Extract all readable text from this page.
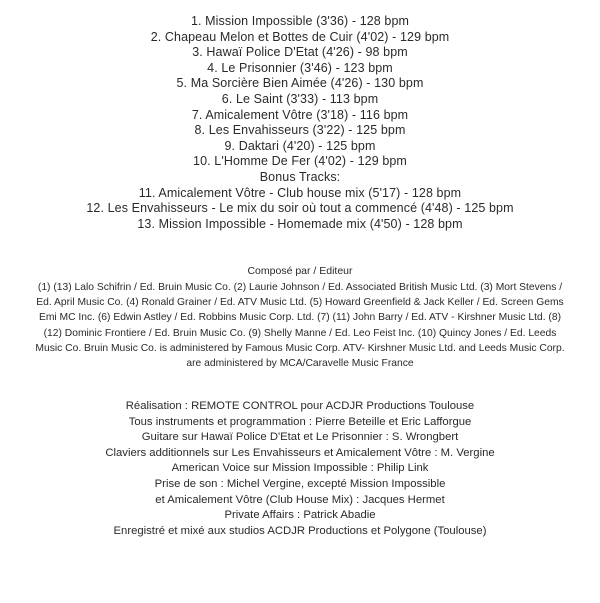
1. Mission Impossible (3'36) - 128 bpm
2. Chapeau Melon et Bottes de Cuir (4'02) - 129 bpm
3. Hawaï Police D'Etat (4'26) - 98 bpm
4. Le Prisonnier (3'46) - 123 bpm
5. Ma Sorcière Bien Aimée (4'26) - 130 bpm
6. Le Saint (3'33) - 113 bpm
7. Amicalement Vôtre (3'18) - 116 bpm
8. Les Envahisseurs (3'22) - 125 bpm
9. Daktari (4'20) - 125 bpm
10. L'Homme De Fer (4'02) - 129 bpm
Bonus Tracks:
11. Amicalement Vôtre - Club house mix (5'17) - 128 bpm
12. Les Envahisseurs - Le mix du soir où tout a commencé (4'48) - 125 bpm
13. Mission Impossible - Homemade mix (4'50) - 128 bpm
Composé par / Editeur
(1) (13) Lalo Schifrin / Ed. Bruin Music Co. (2) Laurie Johnson / Ed. Associated British Music Ltd. (3) Mort Stevens / Ed. April Music Co. (4) Ronald Grainer / Ed. ATV Music Ltd. (5) Howard Greenfield & Jack Keller / Ed. Screen Gems Emi MC Inc. (6) Edwin Astley / Ed. Robbins Music Corp. Ltd. (7) (11) John Barry / Ed. ATV - Kirshner Music Ltd. (8) (12) Dominic Frontiere / Ed. Bruin Music Co. (9) Shelly Manne / Ed. Leo Feist Inc. (10) Quincy Jones / Ed. Leeds Music Co. Bruin Music Co. is administered by Famous Music Corp. ATV- Kirshner Music Ltd. and Leeds Music Corp. are administered by MCA/Caravelle Music France
Réalisation : REMOTE CONTROL pour ACDJR Productions Toulouse
Tous instruments et programmation : Pierre Beteille et Eric Lafforgue
Guitare sur Hawaï Police D'Etat et Le Prisonnier : S. Wrongbert
Claviers additionnels sur Les Envahisseurs et Amicalement Vôtre : M. Vergine
American Voice sur Mission Impossible : Philip Link
Prise de son : Michel Vergine, excepté Mission Impossible
et Amicalement Vôtre (Club House Mix) : Jacques Hermet
Private Affairs : Patrick Abadie
Enregistré et mixé aux studios ACDJR Productions et Polygone (Toulouse)
